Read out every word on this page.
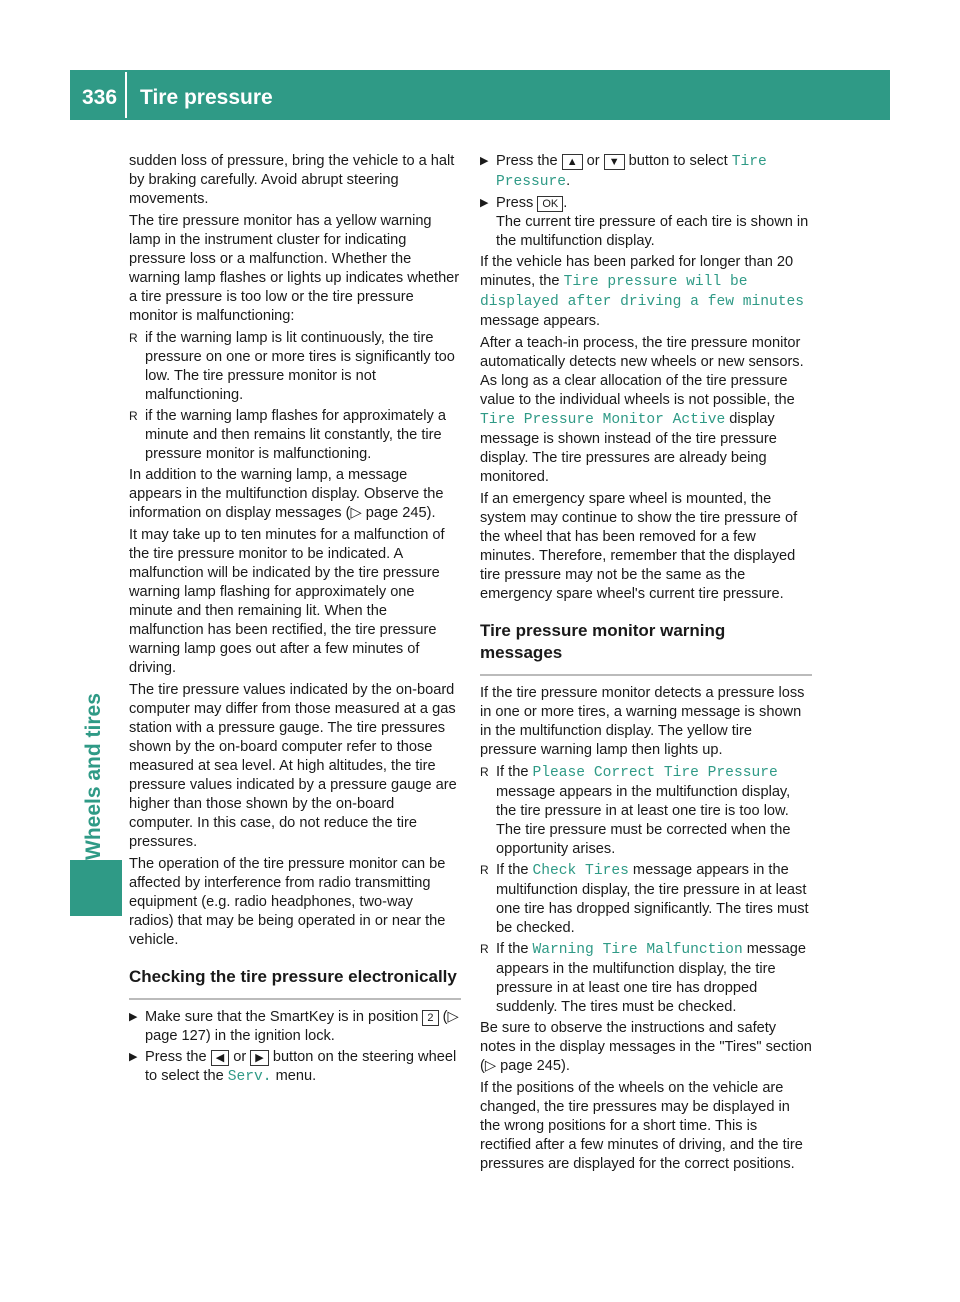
336 Tire pressure
Wheels and tires

sudden loss of pressure, bring the vehicle to a halt by braking carefully. Avoid abrupt steering movements.

The tire pressure monitor has a yellow warning lamp in the instrument cluster for indicating pressure loss or a malfunction. Whether the warning lamp flashes or lights up indicates whether a tire pressure is too low or the tire pressure monitor is malfunctioning:

R if the warning lamp is lit continuously, the tire pressure on one or more tires is significantly too low. The tire pressure monitor is not malfunctioning.
R if the warning lamp flashes for approximately a minute and then remains lit constantly, the tire pressure monitor is malfunctioning.

In addition to the warning lamp, a message appears in the multifunction display. Observe the information on display messages (▷ page 245).

It may take up to ten minutes for a malfunction of the tire pressure monitor to be indicated. A malfunction will be indicated by the tire pressure warning lamp flashing for approximately one minute and then remaining lit. When the malfunction has been rectified, the tire pressure warning lamp goes out after a few minutes of driving.

The tire pressure values indicated by the on-board computer may differ from those measured at a gas station with a pressure gauge. The tire pressures shown by the on-board computer refer to those measured at sea level. At high altitudes, the tire pressure values indicated by a pressure gauge are higher than those shown by the on-board computer. In this case, do not reduce the tire pressures.

The operation of the tire pressure monitor can be affected by interference from radio transmitting equipment (e.g. radio headphones, two-way radios) that may be being operated in or near the vehicle.

Checking the tire pressure electronically
▶ Make sure that the SmartKey is in position 2 (▷ page 127) in the ignition lock.
▶ Press the ◀ or ▶ button on the steering wheel to select the Serv. menu.
▶ Press the ▲ or ▼ button to select Tire Pressure.
▶ Press OK .
The current tire pressure of each tire is shown in the multifunction display.

If the vehicle has been parked for longer than 20 minutes, the Tire pressure will be displayed after driving a few minutes message appears.

After a teach-in process, the tire pressure monitor automatically detects new wheels or new sensors. As long as a clear allocation of the tire pressure value to the individual wheels is not possible, the Tire Pressure Monitor Active display message is shown instead of the tire pressure display. The tire pressures are already being monitored.

If an emergency spare wheel is mounted, the system may continue to show the tire pressure of the wheel that has been removed for a few minutes. Therefore, remember that the displayed tire pressure may not be the same as the emergency spare wheel's current tire pressure.

Tire pressure monitor warning messages

If the tire pressure monitor detects a pressure loss in one or more tires, a warning message is shown in the multifunction display. The yellow tire pressure warning lamp then lights up.

R If the Please Correct Tire Pressure message appears in the multifunction display, the tire pressure in at least one tire is too low. The tire pressure must be corrected when the opportunity arises.
R If the Check Tires message appears in the multifunction display, the tire pressure in at least one tire has dropped significantly. The tires must be checked.
R If the Warning Tire Malfunction message appears in the multifunction display, the tire pressure in at least one tire has dropped suddenly. The tires must be checked.

Be sure to observe the instructions and safety notes in the display messages in the "Tires" section (▷ page 245).

If the positions of the wheels on the vehicle are changed, the tire pressures may be displayed in the wrong positions for a short time. This is rectified after a few minutes of driving, and the tire pressures are displayed for the correct positions.
